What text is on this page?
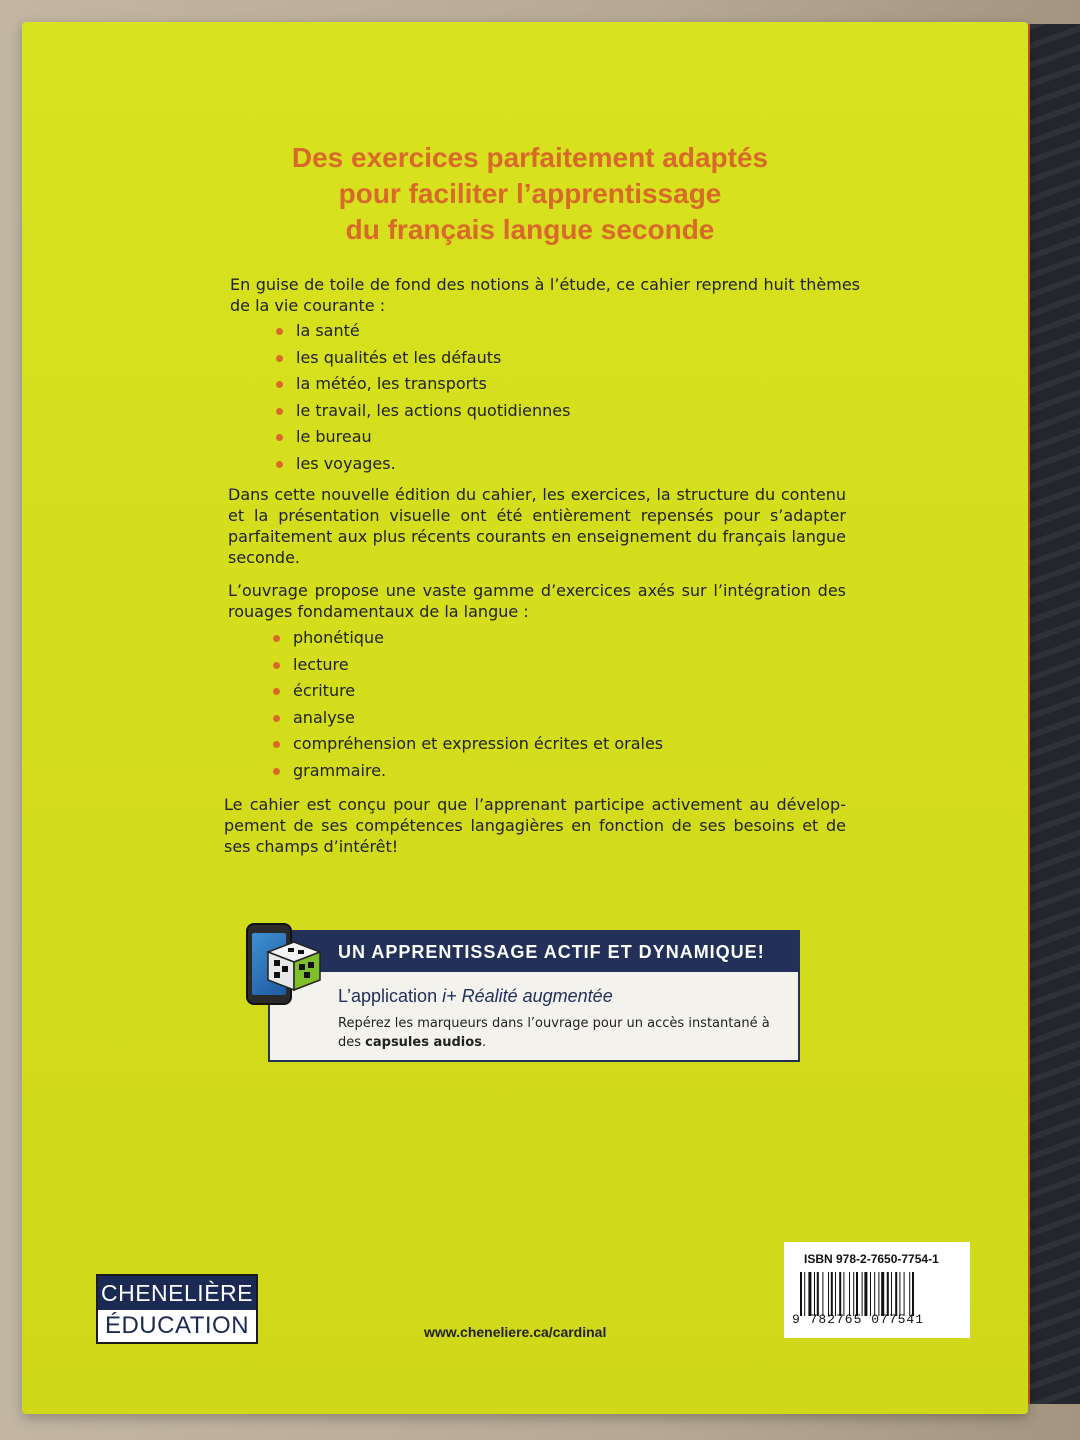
Des exercices parfaitement adaptés
pour faciliter l’apprentissage
du français langue seconde

En guise de toile de fond des notions à l’étude, ce cahier reprend huit thèmes de la vie courante :

la santé
les qualités et les défauts
la météo, les transports
le travail, les actions quotidiennes
le bureau
les voyages.

Dans cette nouvelle édition du cahier, les exercices, la structure du contenu et la présentation visuelle ont été entièrement repensés pour s’adapter parfaitement aux plus récents courants en enseignement du français langue seconde.

L’ouvrage propose une vaste gamme d’exercices axés sur l’intégration des rouages fondamentaux de la langue :

phonétique
lecture
écriture
analyse
compréhension et expression écrites et orales
grammaire.

Le cahier est conçu pour que l’apprenant participe activement au développement de ses compétences langagières en fonction de ses besoins et de ses champs d’intérêt!

UN APPRENTISSAGE ACTIF ET DYNAMIQUE!
L’application i+ Réalité augmentée
Repérez les marqueurs dans l’ouvrage pour un accès instantané à des capsules audios.
CHENELIÈRE
ÉDUCATION	www.cheneliere.ca/cardinal
ISBN 978-2-7650-7754-1
9 782765 077541
